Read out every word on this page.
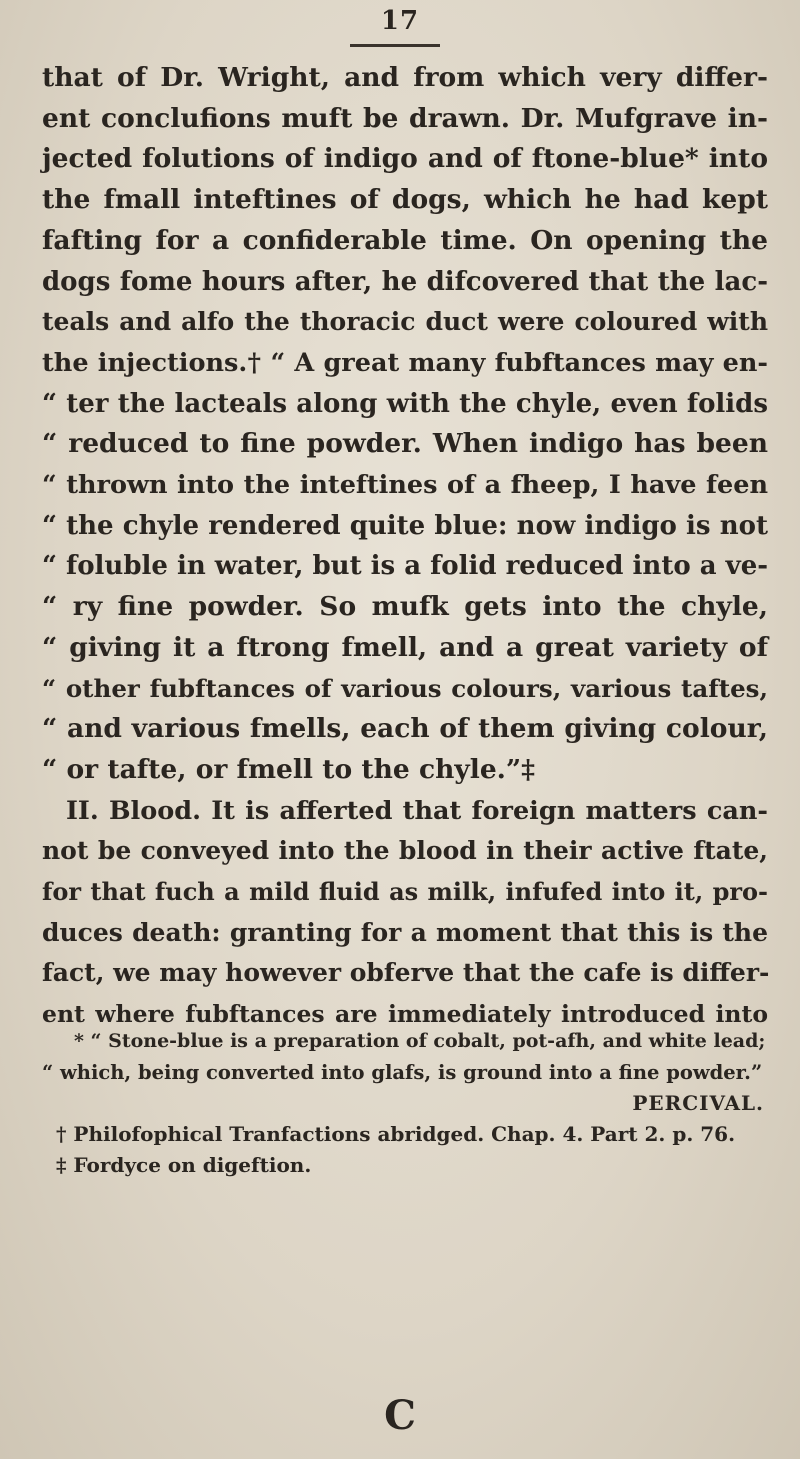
17
that of Dr. Wright, and from which very differ-
ent conclufions muft be drawn. Dr. Mufgrave in-
jected folutions of indigo and of ftone-blue* into
the fmall inteftines of dogs, which he had kept
fafting for a confiderable time. On opening the
dogs fome hours after, he difcovered that the lac-
teals and alfo the thoracic duct were coloured with
the injections.† “ A great many fubftances may en-
“ ter the lacteals along with the chyle, even folids
“ reduced to fine powder. When indigo has been
“ thrown into the inteftines of a fheep, I have feen
“ the chyle rendered quite blue: now indigo is not
“ foluble in water, but is a folid reduced into a ve-
“ ry fine powder. So mufk gets into the chyle,
“ giving it a ftrong fmell, and a great variety of
“ other fubftances of various colours, various taftes,
“ and various fmells, each of them giving colour,
“ or tafte, or fmell to the chyle.”‡
II. Blood. It is afferted that foreign matters can-
not be conveyed into the blood in their active ftate,
for that fuch a mild fluid as milk, infufed into it, pro-
duces death: granting for a moment that this is the
fact, we may however obferve that the cafe is differ-
ent where fubftances are immediately introduced into
* “ Stone-blue is a preparation of cobalt, pot-afh, and white lead;
“ which, being converted into glafs, is ground into a fine powder.”
PERCIVAL.
† Philofophical Tranfactions abridged. Chap. 4. Part 2. p. 76.
‡ Fordyce on digeftion.
C
